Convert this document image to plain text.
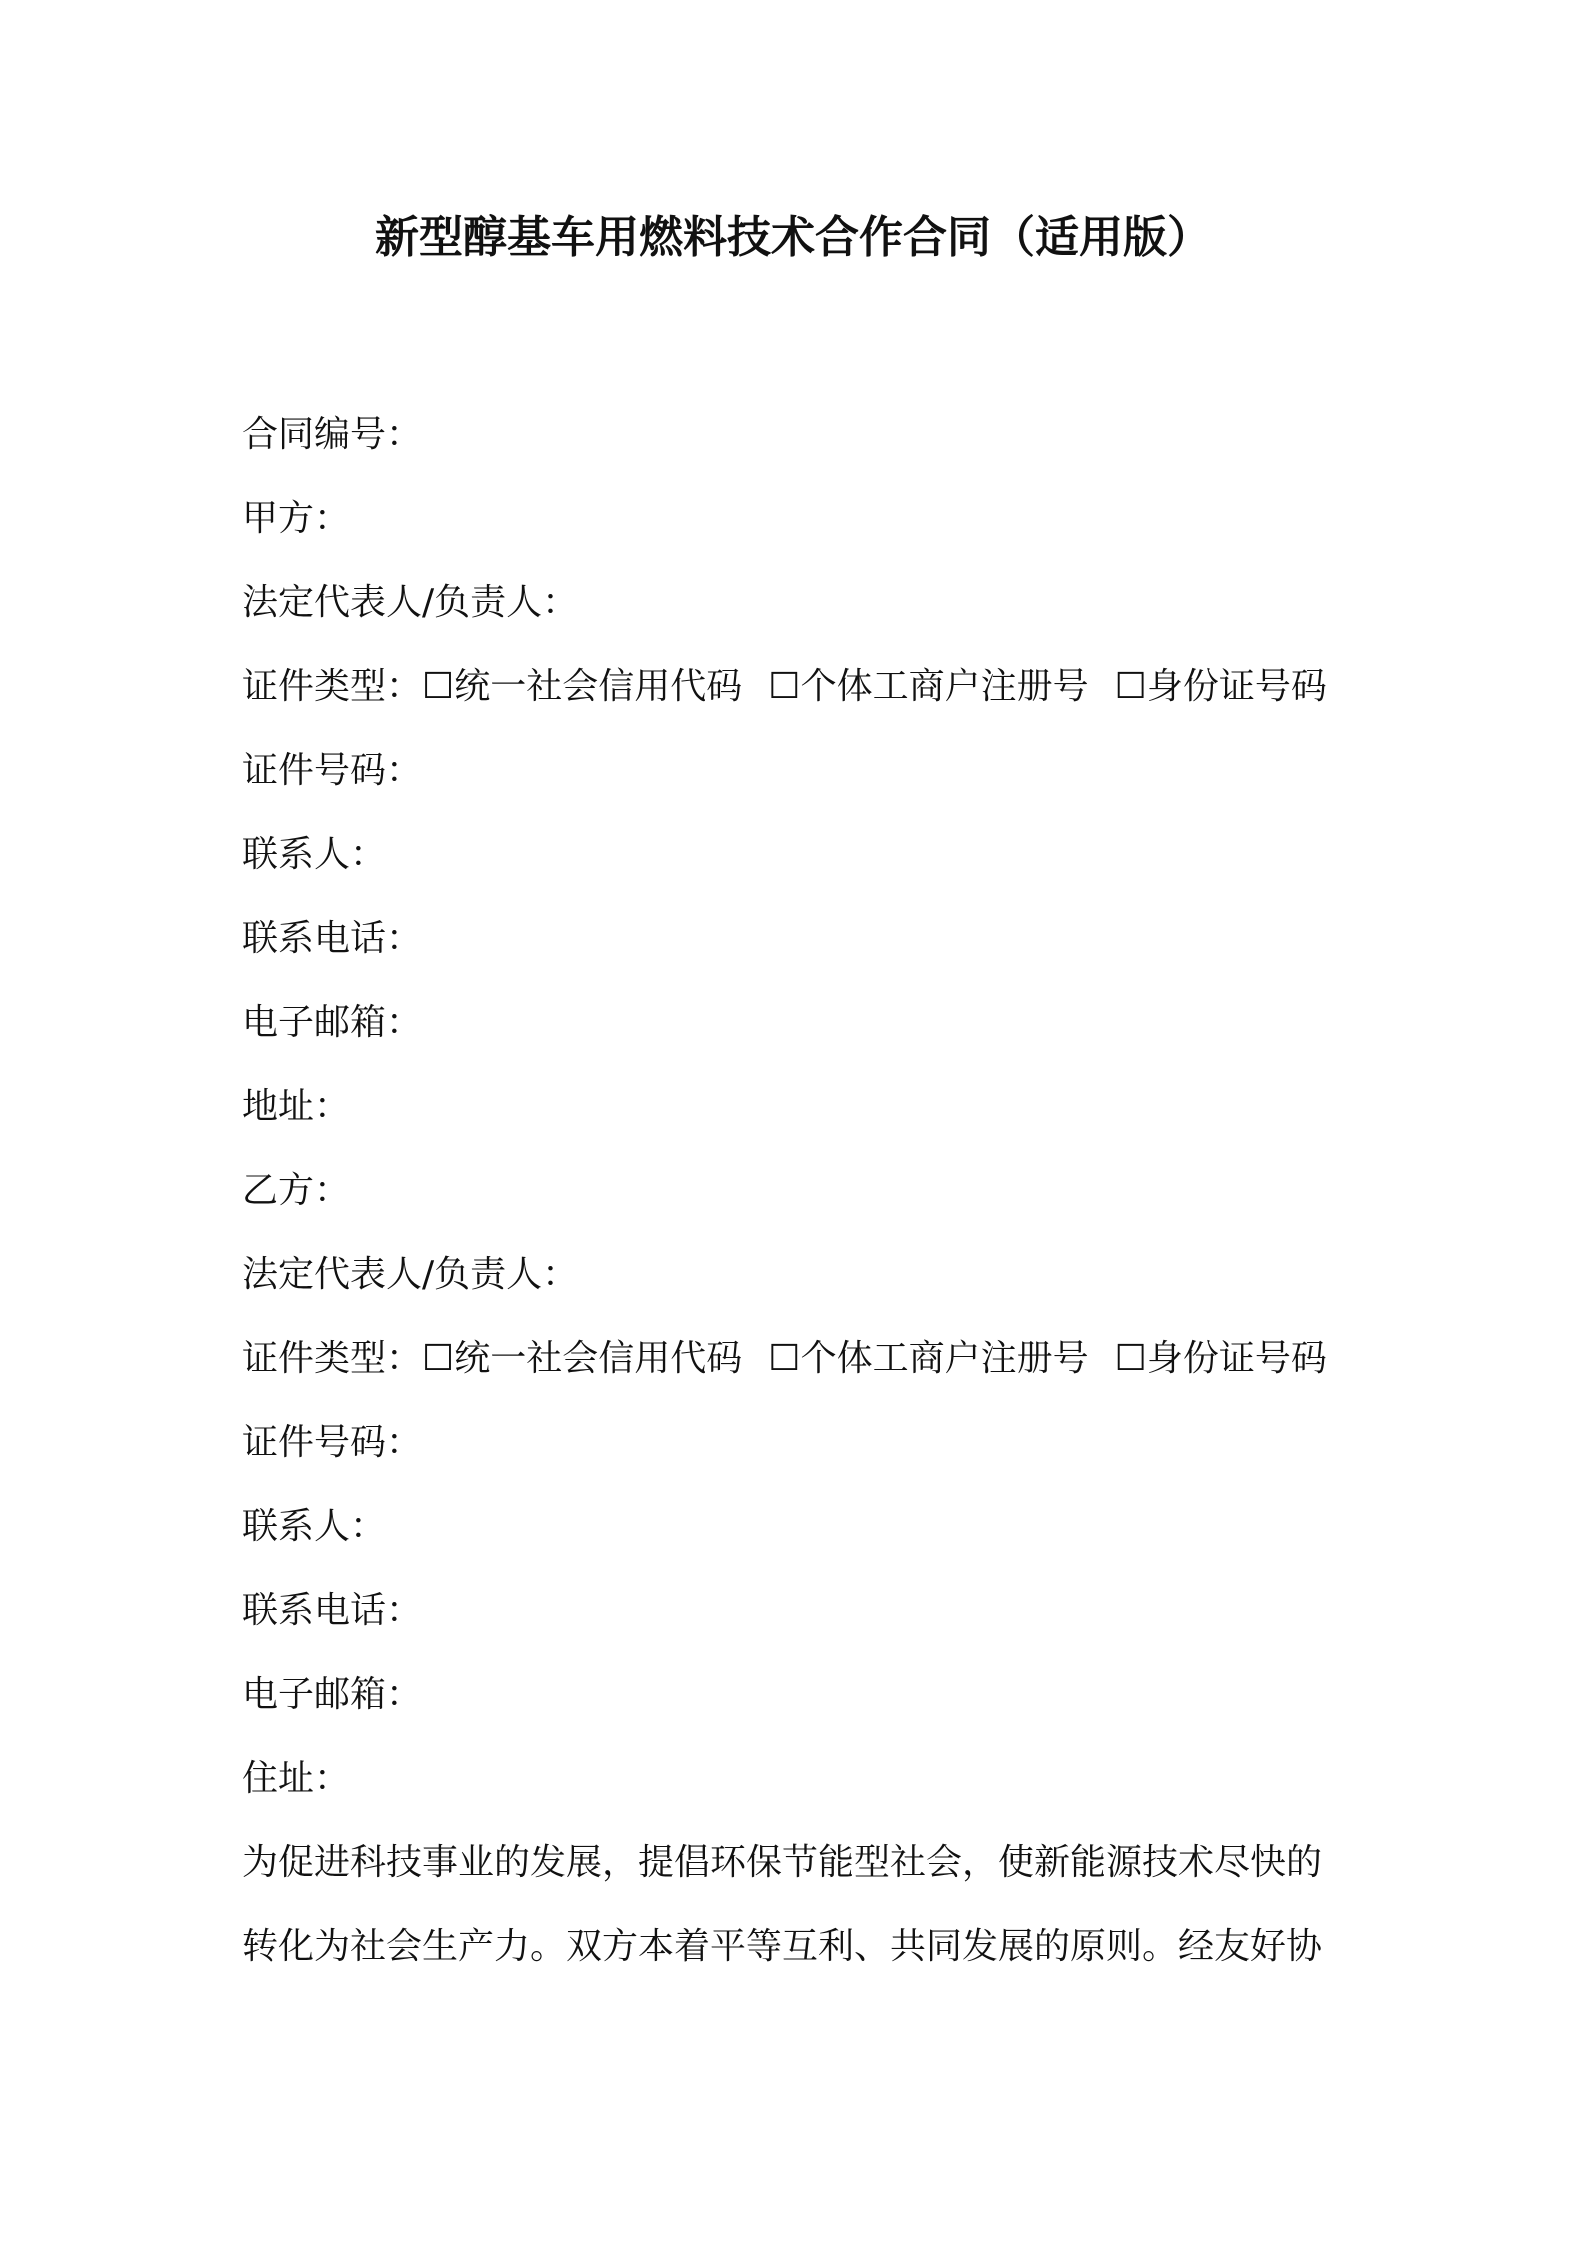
新型醇基车用燃料技术合作合同（适用版）
合同编号：
甲方：
法定代表人/负责人：
证件类型：☐统一社会信用代码 ☐个体工商户注册号 ☐身份证号码
证件号码：
联系人：
联系电话：
电子邮箱：
地址：
乙方：
法定代表人/负责人：
证件类型：☐统一社会信用代码 ☐个体工商户注册号 ☐身份证号码
证件号码：
联系人：
联系电话：
电子邮箱：
住址：
为促进科技事业的发展，提倡环保节能型社会，使新能源技术尽快的
转化为社会生产力。双方本着平等互利、共同发展的原则。经友好协
